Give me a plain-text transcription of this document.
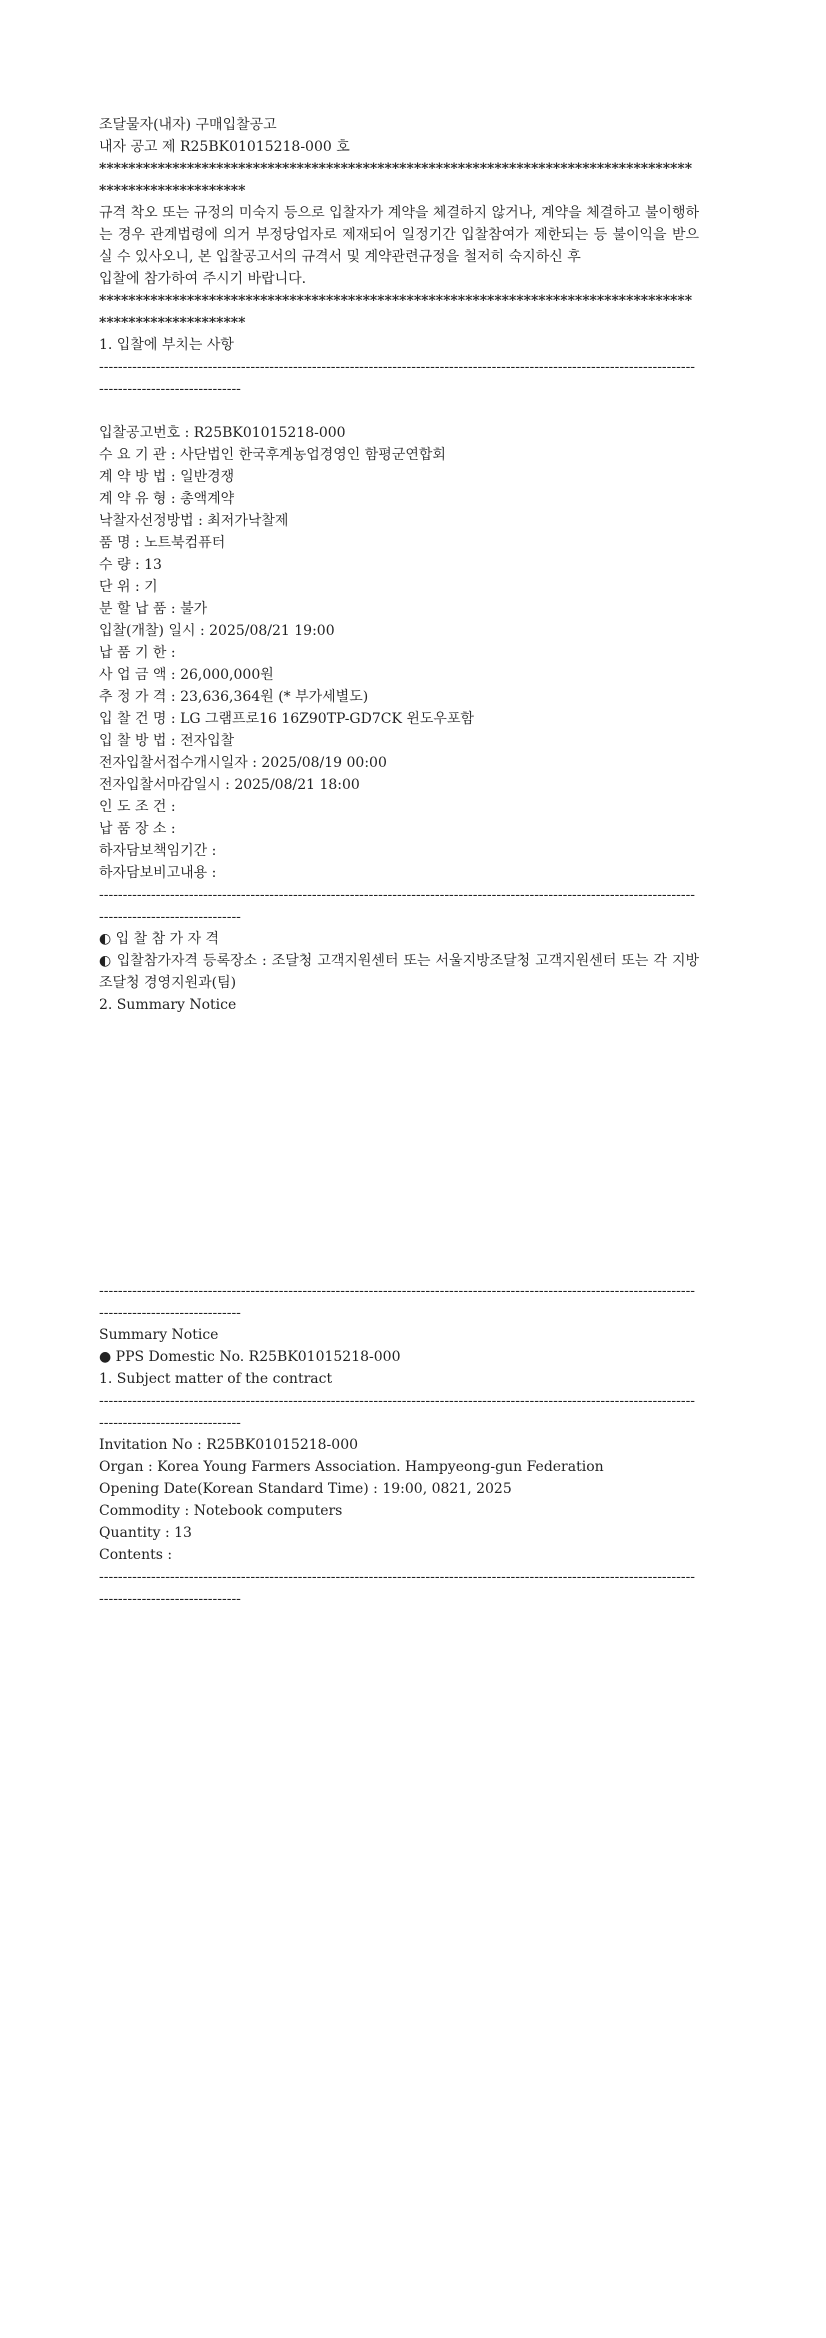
조달물자(내자) 구매입찰공고
내자 공고 제 R25BK01015218-000 호
*****************************************************************************************************
규격 착오 또는 규정의 미숙지 등으로 입찰자가 계약을 체결하지 않거나, 계약을 체결하고 불이행하는 경우 관계법령에 의거 부정당업자로 제재되어 일정기간 입찰참여가 제한되는 등 불이익을 받으실 수 있사오니, 본 입찰공고서의 규격서 및 계약관련규정을 철저히 숙지하신 후
입찰에 참가하여 주시기 바랍니다.
*****************************************************************************************************
1. 입찰에 부치는 사항
------------------------------------------------------------------------------------------------------------------------------------------------------------
입찰공고번호 : R25BK01015218-000
수 요 기 관 : 사단법인 한국후계농업경영인 함평군연합회
계 약 방 법 : 일반경쟁
계 약 유 형 : 총액계약
낙찰자선정방법 : 최저가낙찰제
품 명 : 노트북컴퓨터
수 량 : 13
단 위 : 기
분 할 납 품 : 불가
입찰(개찰) 일시 : 2025/08/21 19:00
납 품 기 한 :
사 업 금 액 : 26,000,000원
추 정 가 격 : 23,636,364원 (* 부가세별도)
입 찰 건 명 : LG 그램프로16 16Z90TP-GD7CK 윈도우포함
입 찰 방 법 : 전자입찰
전자입찰서접수개시일자 : 2025/08/19 00:00
전자입찰서마감일시 : 2025/08/21 18:00
인 도 조 건 :
납 품 장 소 :
하자담보책임기간 :
하자담보비고내용 :
------------------------------------------------------------------------------------------------------------------------------------------------------------
◐ 입 찰 참 가 자 격
◐ 입찰참가자격 등록장소 : 조달청 고객지원센터 또는 서울지방조달청 고객지원센터 또는 각 지방조달청 경영지원과(팀)
2. Summary Notice
------------------------------------------------------------------------------------------------------------------------------------------------------------
Summary Notice
● PPS Domestic No. R25BK01015218-000
1. Subject matter of the contract
------------------------------------------------------------------------------------------------------------------------------------------------------------
Invitation No : R25BK01015218-000
Organ : Korea Young Farmers Association. Hampyeong-gun Federation
Opening Date(Korean Standard Time) : 19:00, 0821, 2025
Commodity : Notebook computers
Quantity : 13
Contents :
------------------------------------------------------------------------------------------------------------------------------------------------------------
